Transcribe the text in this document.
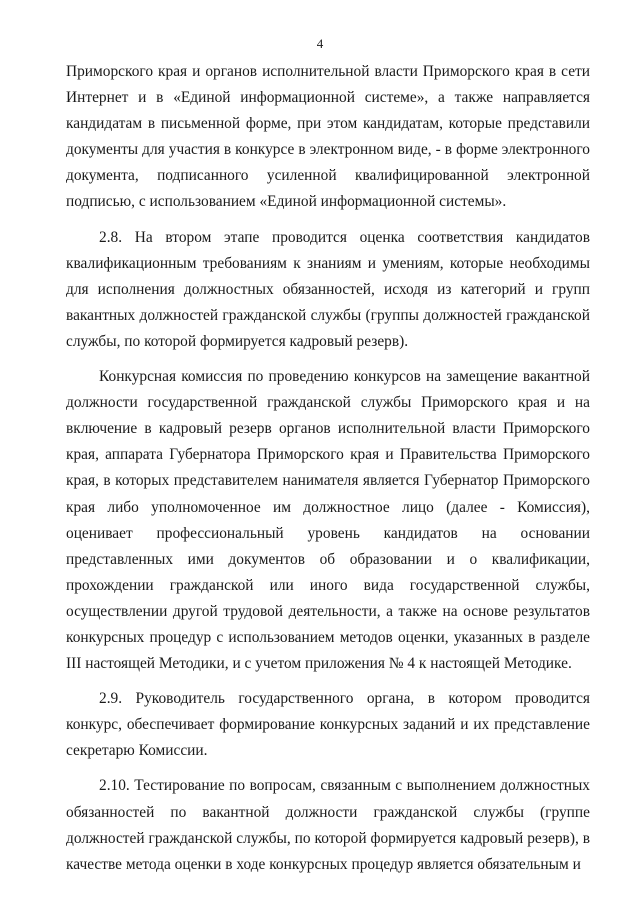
4

Приморского края и органов исполнительной власти Приморского края в сети Интернет и в «Единой информационной системе», а также направляется кандидатам в письменной форме, при этом кандидатам, которые представили документы для участия в конкурсе в электронном виде, - в форме электронного документа, подписанного усиленной квалифицированной электронной подписью, с использованием «Единой информационной системы».

2.8. На втором этапе проводится оценка соответствия кандидатов квалификационным требованиям к знаниям и умениям, которые необходимы для исполнения должностных обязанностей, исходя из категорий и групп вакантных должностей гражданской службы (группы должностей гражданской службы, по которой формируется кадровый резерв).

Конкурсная комиссия по проведению конкурсов на замещение вакантной должности государственной гражданской службы Приморского края и на включение в кадровый резерв органов исполнительной власти Приморского края, аппарата Губернатора Приморского края и Правительства Приморского края, в которых представителем нанимателя является Губернатор Приморского края либо уполномоченное им должностное лицо (далее - Комиссия), оценивает профессиональный уровень кандидатов на основании представленных ими документов об образовании и о квалификации, прохождении гражданской или иного вида государственной службы, осуществлении другой трудовой деятельности, а также на основе результатов конкурсных процедур с использованием методов оценки, указанных в разделе III настоящей Методики, и с учетом приложения № 4 к настоящей Методике.

2.9. Руководитель государственного органа, в котором проводится конкурс, обеспечивает формирование конкурсных заданий и их представление секретарю Комиссии.

2.10. Тестирование по вопросам, связанным с выполнением должностных обязанностей по вакантной должности гражданской службы (группе должностей гражданской службы, по которой формируется кадровый резерв), в качестве метода оценки в ходе конкурсных процедур является обязательным и
